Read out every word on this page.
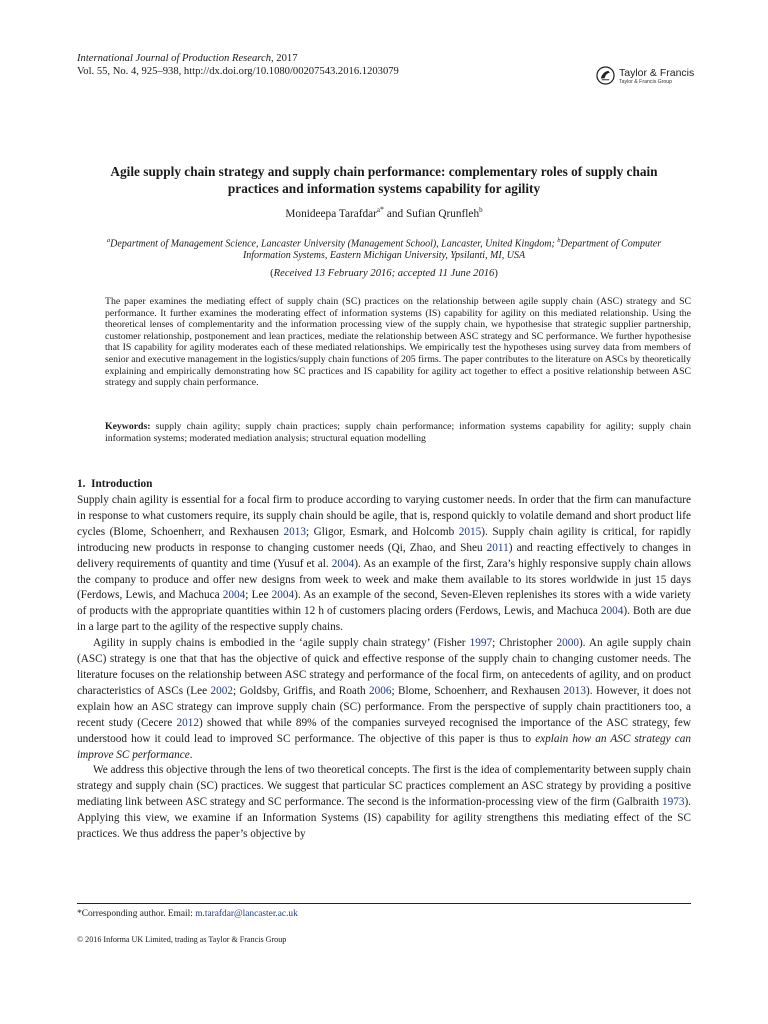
International Journal of Production Research, 2017
Vol. 55, No. 4, 925–938, http://dx.doi.org/10.1080/00207543.2016.1203079	Taylor & Francis
Taylor & Francis Group
Agile supply chain strategy and supply chain performance: complementary roles of supply chain practices and information systems capability for agility
Monideepa Tarafdar$^{a*}$ and Sufian Qrunfleh$^b$
$^a$Department of Management Science, Lancaster University (Management School), Lancaster, United Kingdom; $^b$Department of Computer Information Systems, Eastern Michigan University, Ypsilanti, MI, USA
(Received 13 February 2016; accepted 11 June 2016)
The paper examines the mediating effect of supply chain (SC) practices on the relationship between agile supply chain (ASC) strategy and SC performance. It further examines the moderating effect of information systems (IS) capability for agility on this mediated relationship. Using the theoretical lenses of complementarity and the information processing view of the supply chain, we hypothesise that strategic supplier partnership, customer relationship, postponement and lean practices, mediate the relationship between ASC strategy and SC performance. We further hypothesise that IS capability for agility moderates each of these mediated relationships. We empirically test the hypotheses using survey data from members of senior and executive management in the logistics/supply chain functions of 205 firms. The paper contributes to the literature on ASCs by theoretically explaining and empirically demonstrating how SC practices and IS capability for agility act together to effect a positive relationship between ASC strategy and supply chain performance.
Keywords: supply chain agility; supply chain practices; supply chain performance; information systems capability for agility; supply chain information systems; moderated mediation analysis; structural equation modelling
1.  Introduction

Supply chain agility is essential for a focal firm to produce according to varying customer needs. In order that the firm can manufacture in response to what customers require, its supply chain should be agile, that is, respond quickly to volatile demand and short product life cycles (Blome, Schoenherr, and Rexhausen 2013; Gligor, Esmark, and Holcomb 2015). Supply chain agility is critical, for rapidly introducing new products in response to changing customer needs (Qi, Zhao, and Sheu 2011) and reacting effectively to changes in delivery requirements of quantity and time (Yusuf et al. 2004). As an example of the first, Zara’s highly responsive supply chain allows the company to produce and offer new designs from week to week and make them available to its stores worldwide in just 15 days (Ferdows, Lewis, and Machuca 2004; Lee 2004). As an example of the second, Seven-Eleven replenishes its stores with a wide variety of products with the appropriate quantities within 12 h of customers placing orders (Ferdows, Lewis, and Machuca 2004). Both are due in a large part to the agility of the respective supply chains.

Agility in supply chains is embodied in the ‘agile supply chain strategy’ (Fisher 1997; Christopher 2000). An agile supply chain (ASC) strategy is one that that has the objective of quick and effective response of the supply chain to changing customer needs. The literature focuses on the relationship between ASC strategy and performance of the focal firm, on antecedents of agility, and on product characteristics of ASCs (Lee 2002; Goldsby, Griffis, and Roath 2006; Blome, Schoenherr, and Rexhausen 2013). However, it does not explain how an ASC strategy can improve supply chain (SC) performance. From the perspective of supply chain practitioners too, a recent study (Cecere 2012) showed that while 89% of the companies surveyed recognised the importance of the ASC strategy, few understood how it could lead to improved SC performance. The objective of this paper is thus to explain how an ASC strategy can improve SC performance.

We address this objective through the lens of two theoretical concepts. The first is the idea of complementarity between supply chain strategy and supply chain (SC) practices. We suggest that particular SC practices complement an ASC strategy by providing a positive mediating link between ASC strategy and SC performance. The second is the information-processing view of the firm (Galbraith 1973). Applying this view, we examine if an Information Systems (IS) capability for agility strengthens this mediating effect of the SC practices. We thus address the paper’s objective by

*Corresponding author. Email: m.tarafdar@lancaster.ac.uk
© 2016 Informa UK Limited, trading as Taylor & Francis Group
